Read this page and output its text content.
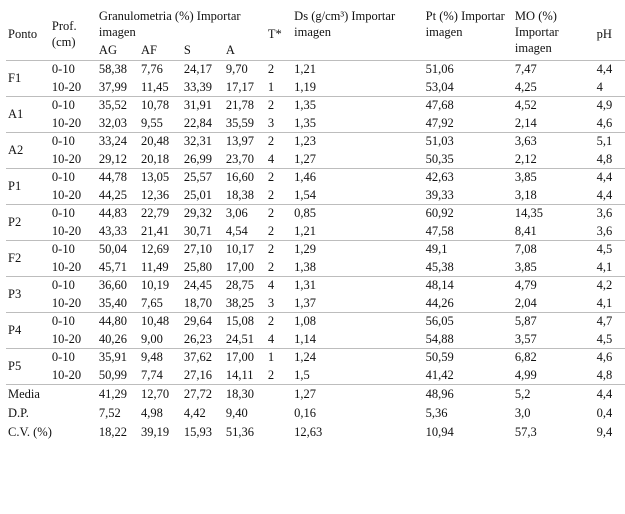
Ponto	Prof. (cm)	Granulometria (%) Importar imagen				T*	Ds (g/cm³) Importar imagen	Pt (%) Importar imagen	MO (%) Importar imagen	pH
		AG	AF	S	A					
F1	0-10	58,38	7,76	24,17	9,70	2	1,21	51,06	7,47	4,4
	10-20	37,99	11,45	33,39	17,17	1	1,19	53,04	4,25	4
A1	0-10	35,52	10,78	31,91	21,78	2	1,35	47,68	4,52	4,9
	10-20	32,03	9,55	22,84	35,59	3	1,35	47,92	2,14	4,6
A2	0-10	33,24	20,48	32,31	13,97	2	1,23	51,03	3,63	5,1
	10-20	29,12	20,18	26,99	23,70	4	1,27	50,35	2,12	4,8
P1	0-10	44,78	13,05	25,57	16,60	2	1,46	42,63	3,85	4,4
	10-20	44,25	12,36	25,01	18,38	2	1,54	39,33	3,18	4,4
P2	0-10	44,83	22,79	29,32	3,06	2	0,85	60,92	14,35	3,6
	10-20	43,33	21,41	30,71	4,54	2	1,21	47,58	8,41	3,6
F2	0-10	50,04	12,69	27,10	10,17	2	1,29	49,1	7,08	4,5
	10-20	45,71	11,49	25,80	17,00	2	1,38	45,38	3,85	4,1
P3	0-10	36,60	10,19	24,45	28,75	4	1,31	48,14	4,79	4,2
	10-20	35,40	7,65	18,70	38,25	3	1,37	44,26	2,04	4,1
P4	0-10	44,80	10,48	29,64	15,08	2	1,08	56,05	5,87	4,7
	10-20	40,26	9,00	26,23	24,51	4	1,14	54,88	3,57	4,5
P5	0-10	35,91	9,48	37,62	17,00	1	1,24	50,59	6,82	4,6
	10-20	50,99	7,74	27,16	14,11	2	1,5	41,42	4,99	4,8
Media		41,29	12,70	27,72	18,30		1,27	48,96	5,2	4,4
D.P.		7,52	4,98	4,42	9,40		0,16	5,36	3,0	0,4
C.V. (%)		18,22	39,19	15,93	51,36		12,63	10,94	57,3	9,4
